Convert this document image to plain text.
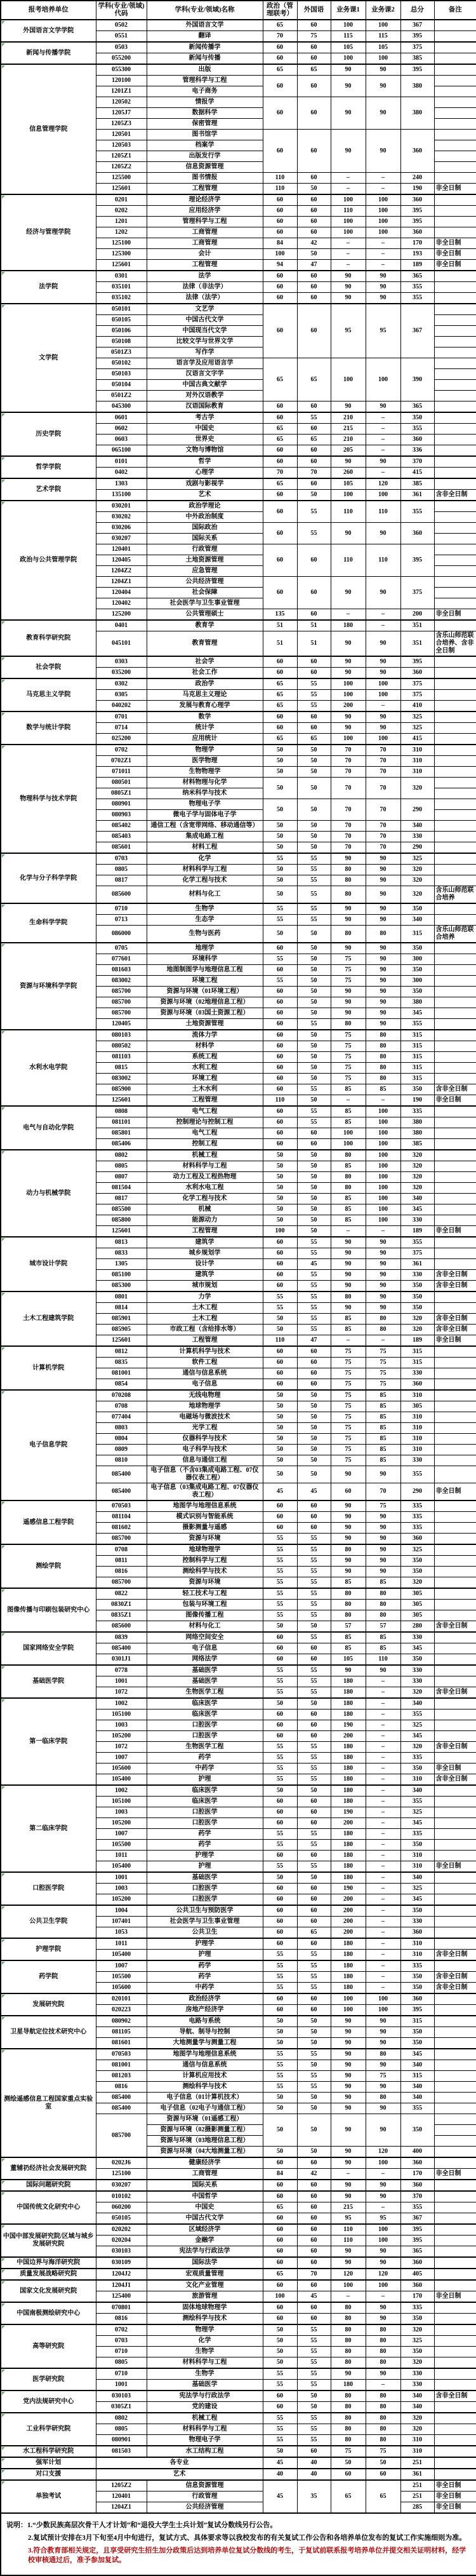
报考培养单位	学科(专业/领域)代码	学科(专业/领域)名称	政治（管理联考）	外国语	业务课1	业务课2	总分	备注
外国语言文学学院	0502	外国语言文学	65	60	100	100	367	
	0551	翻译	70	75	115	115	395	
新闻与传播学院	0503	新闻传播学	60	60	105	105	375	
	055200	新闻与传播	60	60	100	100	385	
信息管理学院	055300	出版	65	65	90	90	395	
	120100	管理科学与工程	60	60	90	90	380	
	1201Z1	电子商务						
	120502	情报学	60	60	90	90	380	
	1205J7	数据科学						
	1205Z3	保密管理						
	120501	图书馆学	60	60	90	90	360	
	120503	档案学						
	1205Z1	出版发行学						
	1205Z2	信息资源管理						
	125500	图书情报	110	60	–	–	240	
	125601	工程管理	110	50	–	–	190	非全日制
经济与管理学院	0201	理论经济学	60	60	100	100	360	
	0202	应用经济学	60	60	110	100	395	
	1201	管理科学与工程	60	60	100	100	395	
	1202	工商管理	60	60	100	100	360	
	125100	工商管理	84	42	–	–	170	非全日制
	125300	会计	100	50	–	–	193	非全日制
	125601	工程管理	94	47	–	–	189	非全日制
法学院	0301	法学	60	60	90	90	365	
	035101	法律（非法学）	60	60	90	90	355	
	035102	法律（法学）	60	60	90	90	355	
文学院	050101	文艺学	60	60	95	95	367	
	050105	中国古代文学						
	050106	中国现当代文学						
	050108	比较文学与世界文学						
	0501Z3	写作学						
	050102	语言学及应用语言学	65	65	100	100	390	
	050103	汉语言文字学						
	050104	中国古典文献学						
	0501Z2	对外汉语教学						
	045300	汉语国际教育	60	60	90	90	365	
历史学院	0601	考古学	60	55	210	–	350	
	0602	中国史	65	60	215	–	355	
	0603	世界史	65	65	210	–	360	
	065100	文物与博物馆	60	60	205	–	336	
哲学学院	0101	哲学	60	60	90	90	370	
	0402	心理学	70	70	260	–	415	
艺术学院	1303	戏剧与影视学	65	60	105	120	385	
	135100	艺术	60	50	100	100	361	含非全日制
政治与公共管理学院	030201	政治学理论	60	55	110	110	355	
	030202	中外政治制度						
	030206	国际政治	60	55	90	90	360	
	030207	国际关系						
	120401	行政管理	60	60	110	110	395	
	120405	土地资源管理						
	1204Z2	应急管理						
	1204Z1	公共经济管理	60	60	90	90	375	
	120404	社会保障						
	120402	社会医学与卫生事业管理						
	125200	公共管理硕士	135	60	–	–	200	非全日制
教育科学研究院	0401	教育学	51	51	180	–	351	
	045101	教育管理	51	51	90	90	351	含乐山师范联合培养、含非全日制
社会学院	0303	社会学	60	60	90	90	395	
	035200	社会工作	60	60	90	90	360	
马克思主义学院	0302	政治学	65	55	100	100	375	
	0305	马克思主义理论	65	55	100	100	375	
	040202	发展与教育心理学	65	55	200	–	410	
数学与统计学院	0701	数学	60	60	90	90	325	
	0714	统计学	60	60	90	90	325	
	025200	应用统计	65	65	100	100	415	
物理科学与技术学院	0702	物理学	50	50	70	70	310	
	0702Z1	医学物理	50	50	70	70	310	
	071011	生物物理学	50	50	70	70	310	
	080501	材料物理与化学	50	50	70	70	320	
	0805Z1	纳米科学与技术						
	080901	物理电子学	50	50	70	70	290	
	080903	微电子学与固体电子学						
	085402	通信工程（含宽带网络、移动通信等）	50	50	70	70	340	
	085403	集成电路工程	50	50	70	70	330	
	085601	材料工程	50	50	70	70	290	
化学与分子科学学院	0703	化学	55	55	90	90	325	
	0805	材料科学与工程	50	55	80	90	320	
	0817	化学工程与技术	50	55	80	90	320	
	085600	材料与化工	50	55	80	90	320	含乐山师范联合培养
生命科学学院	0710	生物学	55	55	90	90	350	
	0713	生态学	55	55	90	90	340	
	086000	生物与医药	50	50	80	80	315	含乐山师范联合培养
资源与环境科学学院	0705	地理学	60	50	90	90	350	
	077601	环境科学	55	50	75	90	300	
	081603	地图制图学与地理信息工程	60	50	75	90	350	
	083002	环境工程	55	50	75	90	300	
	085700	资源与环境（01环境工程）	60	50	90	90	350	
	085700	资源与环境（02地理信息工程）	60	50	90	90	380	
	085700	资源与环境（03国土资源工程）	60	50	90	90	345	
	120405	土地资源管理	60	55	80	90	355	
水利水电学院	080103	流体力学	60	50	75	80	315	
	080502	材料学	60	50	75	80	315	
	081103	系统工程	60	50	75	80	315	
	0815	水利工程	60	50	75	80	315	
	083002	环境工程	60	50	75	80	315	
	085900	土木水利	60	55	85	85	350	含非全日制
	125601	工程管理	110	50	–	–	190	非全日制
电气与自动化学院	0808	电气工程	60	55	85	100	335	
	081101	控制理论与控制工程	60	55	85	100	380	
	085801	电气工程	60	60	100	100	380	
	085406	控制工程	60	60	100	100	385	
动力与机械学院	0802	机械工程	50	50	80	100	320	
	0805	材料科学与工程	50	50	85	100	320	
	0807	动力工程及工程热物理	50	50	80	100	320	
	081504	水利水电工程	50	50	80	100	320	
	0817	化学工程与技术	50	50	85	100	340	
	085500	机械	50	50	85	100	345	
	085800	能源动力	50	50	85	100	330	
	125601	工程管理	100	50	–	–	189	非全日制
城市设计学院	0813	建筑学	60	55	90	90	355	
	0833	城乡规划学	60	55	90	90	375	
	1305	设计学	60	45	90	90	361	
	085100	建筑学	60	55	90	90	330	含非全日制
	085300	城市规划	60	55	90	90	350	含非全日制
土木工程建筑学院	0801	力学	55	55	80	90	350	
	0814	土木工程	55	55	90	90	350	
	085901	土木工程	50	55	85	80	320	含非全日制
	085905	市政工程（含给排水等）	50	55	85	80	320	含非全日制
	125601	工程管理	110	47	–	–	189	非全日制
计算机学院	0812	计算机科学与技术	60	60	75	75	315	
	0835	软件工程	60	60	75	75	315	
	081001	通信与信息系统	60	60	75	75	330	
	0854	电子信息	60	60	75	75	360	
电子信息学院	070208	无线电物理	50	50	75	85	310	
	0708	地球物理学	50	50	75	85	305	
	077404	电磁场与微波技术	50	50	75	85	310	
	0803	光学工程	50	50	75	85	310	
	0804	仪器科学与技术	50	50	75	85	310	
	0809	电子科学与技术	50	50	75	85	310	
	0810	信息与通信工程	50	50	75	85	330	
	085400	电子信息（不含03集成电路工程、07仪器仪表工程）	50	50	90	90	355	
	085400	电子信息（03集成电路工程、07仪器仪表工程）	45	45	60	70	290	非全日制
遥感信息工程学院	070503	地图学与地理信息系统	60	60	90	75	335	
	081104	模式识别与智能系统	60	60	90	90	335	
	081602	摄影测量与遥感	60	60	90	90	335	
	085700	资源与环境	55	55	90	90	360	
测绘学院	0708	地球物理学	55	55	80	90	325	
	0811	控制科学与工程	55	55	90	90	350	
	0816	测绘科学与技术	55	55	90	90	350	
	085700	资源与环境	55	55	85	85	320	
图像传播与印刷包装研究中心	0822	轻工技术与工程	55	55	80	80	305	
	0830Z1	包装与环境工程	55	55	80	80	305	
	0835Z1	图像传播工程	55	55	80	80	305	
	085600	材料与化工	50	50	57	57	280	含非全日制
国家网络安全学院	0839	网络空间安全	60	55	85	85	330	
	085400	电子信息	60	60	85	85	345	
	0301J1	网络法学	60	60	105	110	350	
基础医学院	0778	基础医学	55	55	90	90	330	
	1001	基础医学	55	55	180	–	330	
	1072	生物医学工程	55	55	180	–	320	含非全日制
第一临床学院	1002	临床医学	50	50	180	–	340	
	105100	临床医学	60	60	180	–	355	
	1003	口腔医学	60	60	190	–	325	
	105200	口腔医学	60	60	200	–	345	
	1072	生物医学工程	55	55	180	–	320	含非全日制
	1007	药学	55	55	180	–	335	
	105600	中药学	55	55	180	–	350	非全日制
	105400	护理	55	55	180	–	310	含非全日制
第二临床学院	1002	临床医学	50	50	180	–	340	
	105100	临床医学	60	60	180	–	355	
	1003	口腔医学	60	60	190	–	325	
	105200	口腔医学	60	60	200	–	345	
	1007	药学	55	55	180	–	335	
	105500	药学	55	55	180	–	350	
	1011	护理学	60	60	180	–	310	
	105400	护理	55	55	180	–	310	非全日制
口腔医学院	1001	基础医学	50	50	180	–	340	
	1003	口腔医学	60	60	190	–	325	
	105200	口腔医学	60	60	200	–	345	
公共卫生学院	1004	公共卫生与预防医学	60	60	200	–	350	
	107401	社会医学与卫生事业管理	60	60	200	–	330	
	1053	公共卫生	60	65	200	–	360	
护理学院	1011	护理学	60	60	180	–	310	
	105400	护理	55	55	180	–	310	含非全日制
药学院	1007	药学	55	55	180	–	335	
	105500	药学	55	55	180	–	350	含非全日制
	105600	中药学	55	55	180	–	350	含非全日制
发展研究院	020101	政治经济学	60	60	100	100	360	
	020223	房地产经济学	60	60	100	100	395	
卫星导航定位技术研究中心	080902	电路与系统	50	50	90	90	315	
	081105	导航、制导与控制	50	50	90	90	350	
	081601	大地测量学与测量工程	50	50	90	90	350	
测绘遥感信息工程国家重点实验室	070503	地图学与地理信息系统	55	55	90	80	345	
	081001	通信与信息系统	55	50	90	90	340	
	081203	计算机应用技术	55	55	90	75	315	
	0816	测绘科学与技术	55	55	90	90	340	
	085400	电子信息（01计算机技术）	50	50	90	80	340	
	085400	电子信息（02电子与通信工程）	50	50	90	90	355	
	085700	资源与环境（01遥感工程）	50	50	90	90	350	
		资源与环境（02摄影测量工程）						
		资源与环境（03地理信息工程）						
		资源与环境（04大地测量工程）	50	50	90	120	400	
董辅礽经济社会发展研究院	0202J6	健康经济学	60	60	90	100	360	
	125100	工商管理	84	42	–	–	170	非全日制
国际问题研究院	030207	国际关系	60	60	90	90	360	
中国传统文化研究中心	010102	中国哲学	60	60	90	90	370	
	060200	中国史	65	60	215	–	355	
	050105	中国古代文学	60	60	95	95	367	
中国中部发展研究院/区域与城乡发展研究院	020202	区域经济学	60	60	110	100	395	
	020204	金融学	60	60	110	100	395	
	030103	宪法学与行政法学	60	60	90	90	365	
中国边界与海洋研究院	030109	国际法学	60	60	90	90	360	
质量发展战略研究院	1204J2	宏观质量管理	65	70	120	120	405	
国家文化发展研究院	1204J1	文化产业管理	60	60	100	100	360	
	125400	旅游管理	100	45	–	–	170	非全日制
中国南极测绘研究中心	070801	固体地球物理学	60	60	80	90	335	
	0816	测绘科学与技术	60	60	80	90	350	
高等研究院	0702	物理学	50	55	80	80	320	
	0703	化学	50	55	80	80	325	
	0710	生物学	50	55	80	80	350	
	0805	材料科学与工程	50	55	80	80	320	
医学研究院	0710	生物学	55	55	90	90	330	
	1001	基础医学	55	55	180	–	330	
党内法规研究中心	030103	宪法学与行政法学	60	50	80	80	340	含非全日制
	0305Z1	党的建设	60	50	80	80	340	
工业科学研究院	0802	机械工程	55	55	80	80	320	
	0805	材料科学与工程	55	55	80	80	320	
	080901	物理电子学	55	55	80	80	310	
水工程科学研究院	081503	水工结构工程	50	60	75	75	310	
强军计划	各专业		45	40	50	50	251	
对口支援	艺术		40	40	60	60	361	
单独考试	1205Z2	信息资源管理	45	35	65	65	251	非全日制
	120401	行政管理					251	非全日制
	1204Z1	公共经济管理					285	非全日制

说明：1.“少数民族高层次骨干人才计划”和“退役大学生士兵计划”复试分数线另行公告。

2.复试预计安排在3月下旬至4月中旬进行，复试方式、具体要求等以我校发布的有关复试工作公告和各培养单位发布的复试工作实施细则为准。

3.符合教育部相关规定，且享受研究生招生加分政策后达到培养单位复试分数线的考生，于复试前联系报考培养单位并提交相关证明材料，经学校审核通过后，准予参加复试。								
